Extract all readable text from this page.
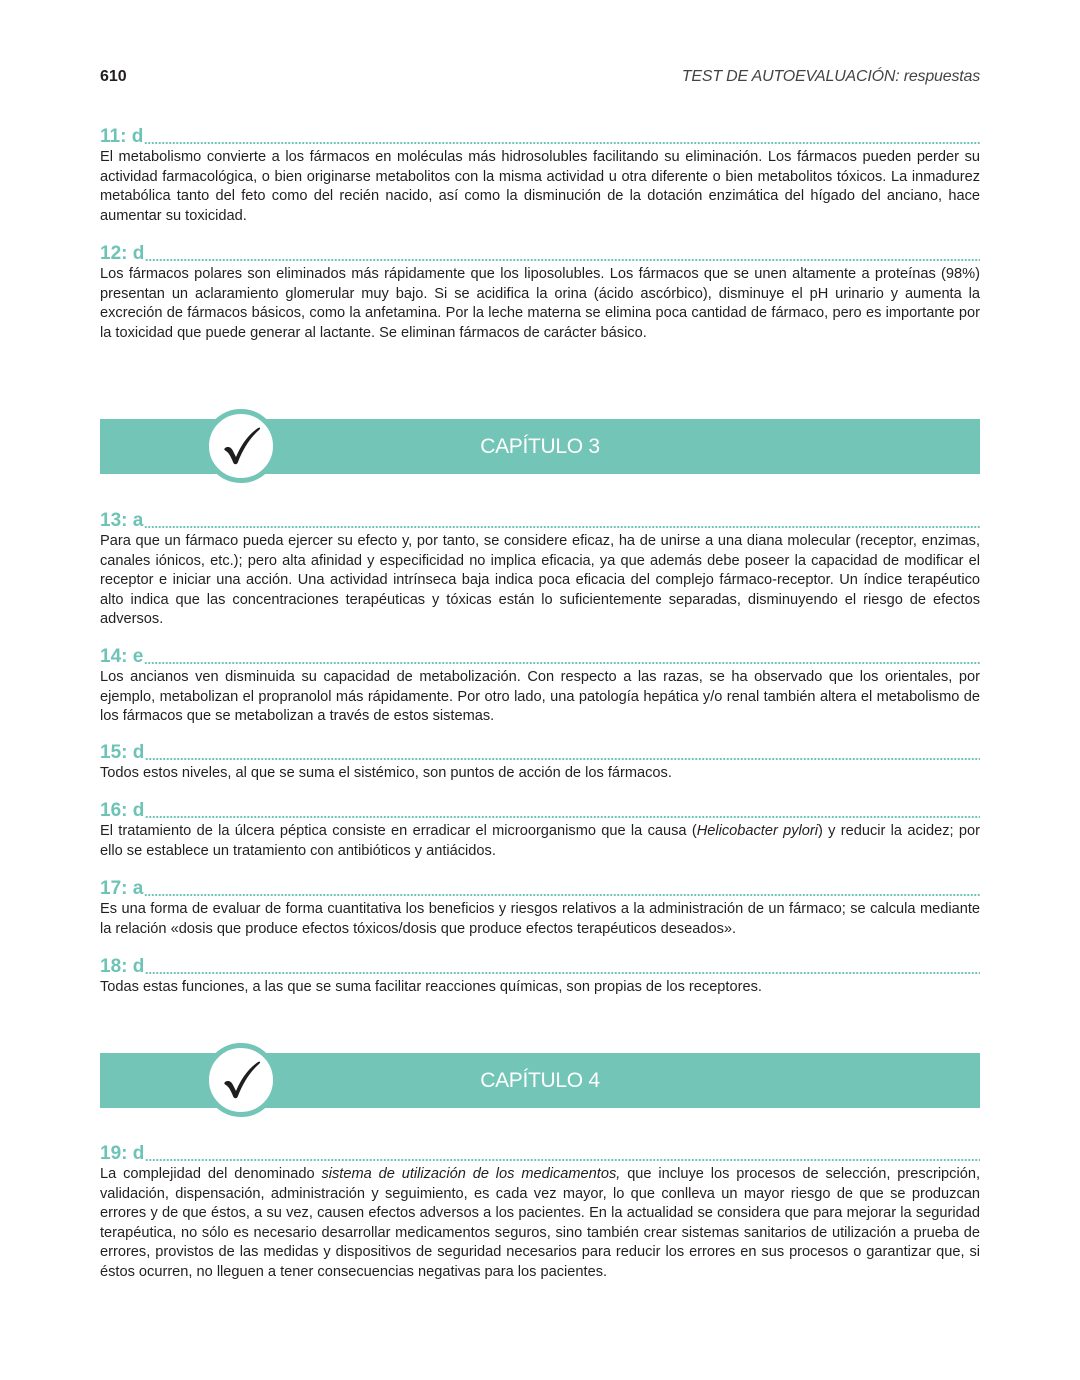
610	TEST DE AUTOEVALUACIÓN: respuestas
11: d
El metabolismo convierte a los fármacos en moléculas más hidrosolubles facilitando su eliminación. Los fármacos pueden perder su actividad farmacológica, o bien originarse metabolitos con la misma actividad u otra diferente o bien metabolitos tóxicos. La inmadurez metabólica tanto del feto como del recién nacido, así como la disminución de la dotación enzimática del hígado del anciano, hace aumentar su toxicidad.
12: d
Los fármacos polares son eliminados más rápidamente que los liposolubles. Los fármacos que se unen altamente a proteínas (98%) presentan un aclaramiento glomerular muy bajo. Si se acidifica la orina (ácido ascórbico), disminuye el pH urinario y aumenta la excreción de fármacos básicos, como la anfetamina. Por la leche materna se elimina poca cantidad de fármaco, pero es importante por la toxicidad que puede generar al lactante. Se eliminan fármacos de carácter básico.
CAPÍTULO 3
13: a
Para que un fármaco pueda ejercer su efecto y, por tanto, se considere eficaz, ha de unirse a una diana molecular (receptor, enzimas, canales iónicos, etc.); pero alta afinidad y especificidad no implica eficacia, ya que además debe poseer la capacidad de modificar el receptor e iniciar una acción. Una actividad intrínseca baja indica poca eficacia del complejo fármaco-receptor. Un índice terapéutico alto indica que las concentraciones terapéuticas y tóxicas están lo suficientemente separadas, disminuyendo el riesgo de efectos adversos.
14: e
Los ancianos ven disminuida su capacidad de metabolización. Con respecto a las razas, se ha observado que los orientales, por ejemplo, metabolizan el propranolol más rápidamente. Por otro lado, una patología hepática y/o renal también altera el metabolismo de los fármacos que se metabolizan a través de estos sistemas.
15: d
Todos estos niveles, al que se suma el sistémico, son puntos de acción de los fármacos.
16: d
El tratamiento de la úlcera péptica consiste en erradicar el microorganismo que la causa (Helicobacter pylori) y reducir la acidez; por ello se establece un tratamiento con antibióticos y antiácidos.
17: a
Es una forma de evaluar de forma cuantitativa los beneficios y riesgos relativos a la administración de un fármaco; se calcula mediante la relación «dosis que produce efectos tóxicos/dosis que produce efectos terapéuticos deseados».
18: d
Todas estas funciones, a las que se suma facilitar reacciones químicas, son propias de los receptores.
CAPÍTULO 4
19: d
La complejidad del denominado sistema de utilización de los medicamentos, que incluye los procesos de selección, prescripción, validación, dispensación, administración y seguimiento, es cada vez mayor, lo que conlleva un mayor riesgo de que se produzcan errores y de que éstos, a su vez, causen efectos adversos a los pacientes. En la actualidad se considera que para mejorar la seguridad terapéutica, no sólo es necesario desarrollar medicamentos seguros, sino también crear sistemas sanitarios de utilización a prueba de errores, provistos de las medidas y dispositivos de seguridad necesarios para reducir los errores en sus procesos o garantizar que, si éstos ocurren, no lleguen a tener consecuencias negativas para los pacientes.
